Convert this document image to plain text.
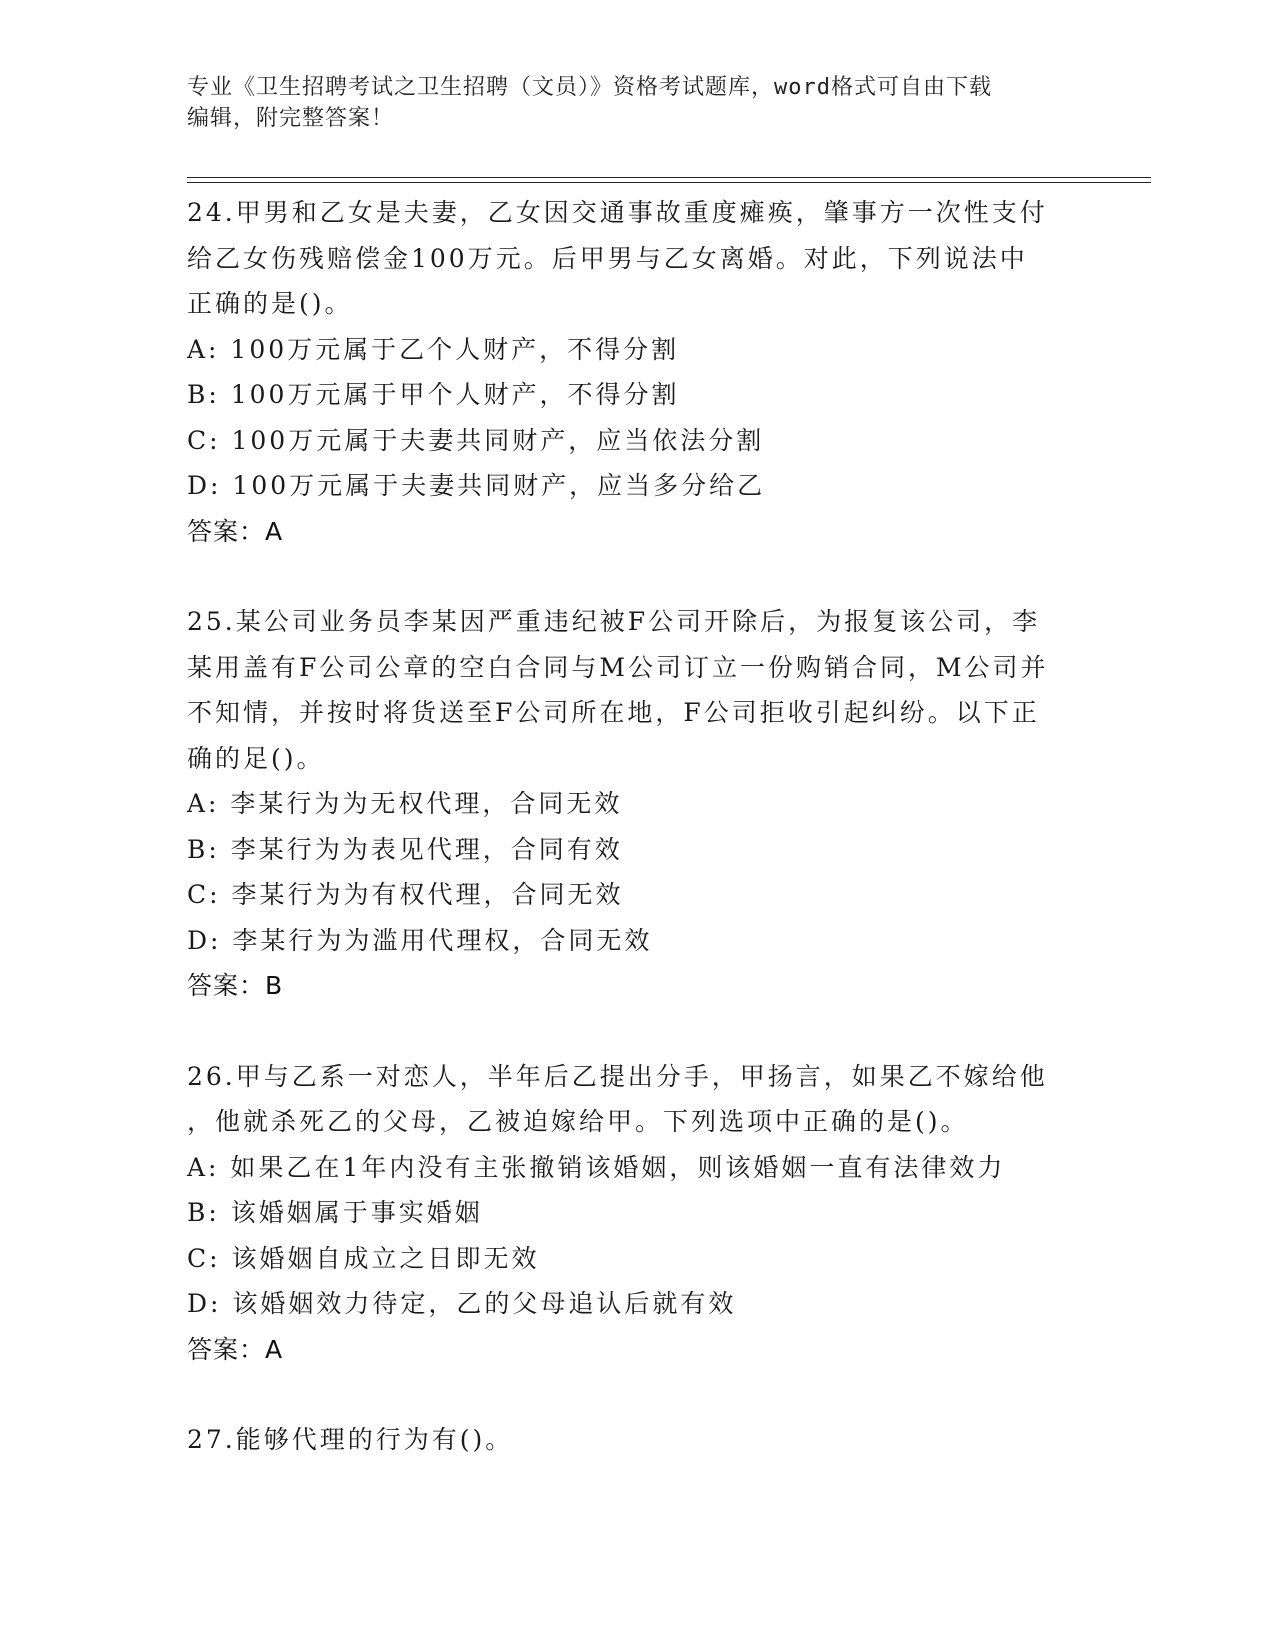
专业《卫生招聘考试之卫生招聘（文员）》资格考试题库，word格式可自由下载
编辑，附完整答案！

24.甲男和乙女是夫妻，乙女因交通事故重度瘫痪，肇事方一次性支付

给乙女伤残赔偿金100万元。后甲男与乙女离婚。对此，下列说法中

正确的是()。

A: 100万元属于乙个人财产，不得分割

B: 100万元属于甲个人财产，不得分割

C: 100万元属于夫妻共同财产，应当依法分割

D: 100万元属于夫妻共同财产，应当多分给乙

答案：A

25.某公司业务员李某因严重违纪被F公司开除后，为报复该公司，李

某用盖有F公司公章的空白合同与M公司订立一份购销合同，M公司并

不知情，并按时将货送至F公司所在地，F公司拒收引起纠纷。以下正

确的足()。

A: 李某行为为无权代理，合同无效

B: 李某行为为表见代理，合同有效

C: 李某行为为有权代理，合同无效

D: 李某行为为滥用代理权，合同无效

答案：B

26.甲与乙系一对恋人，半年后乙提出分手，甲扬言，如果乙不嫁给他

，他就杀死乙的父母，乙被迫嫁给甲。下列选项中正确的是()。

A: 如果乙在1年内没有主张撤销该婚姻，则该婚姻一直有法律效力

B: 该婚姻属于事实婚姻

C: 该婚姻自成立之日即无效

D: 该婚姻效力待定，乙的父母追认后就有效

答案：A

27.能够代理的行为有()。
